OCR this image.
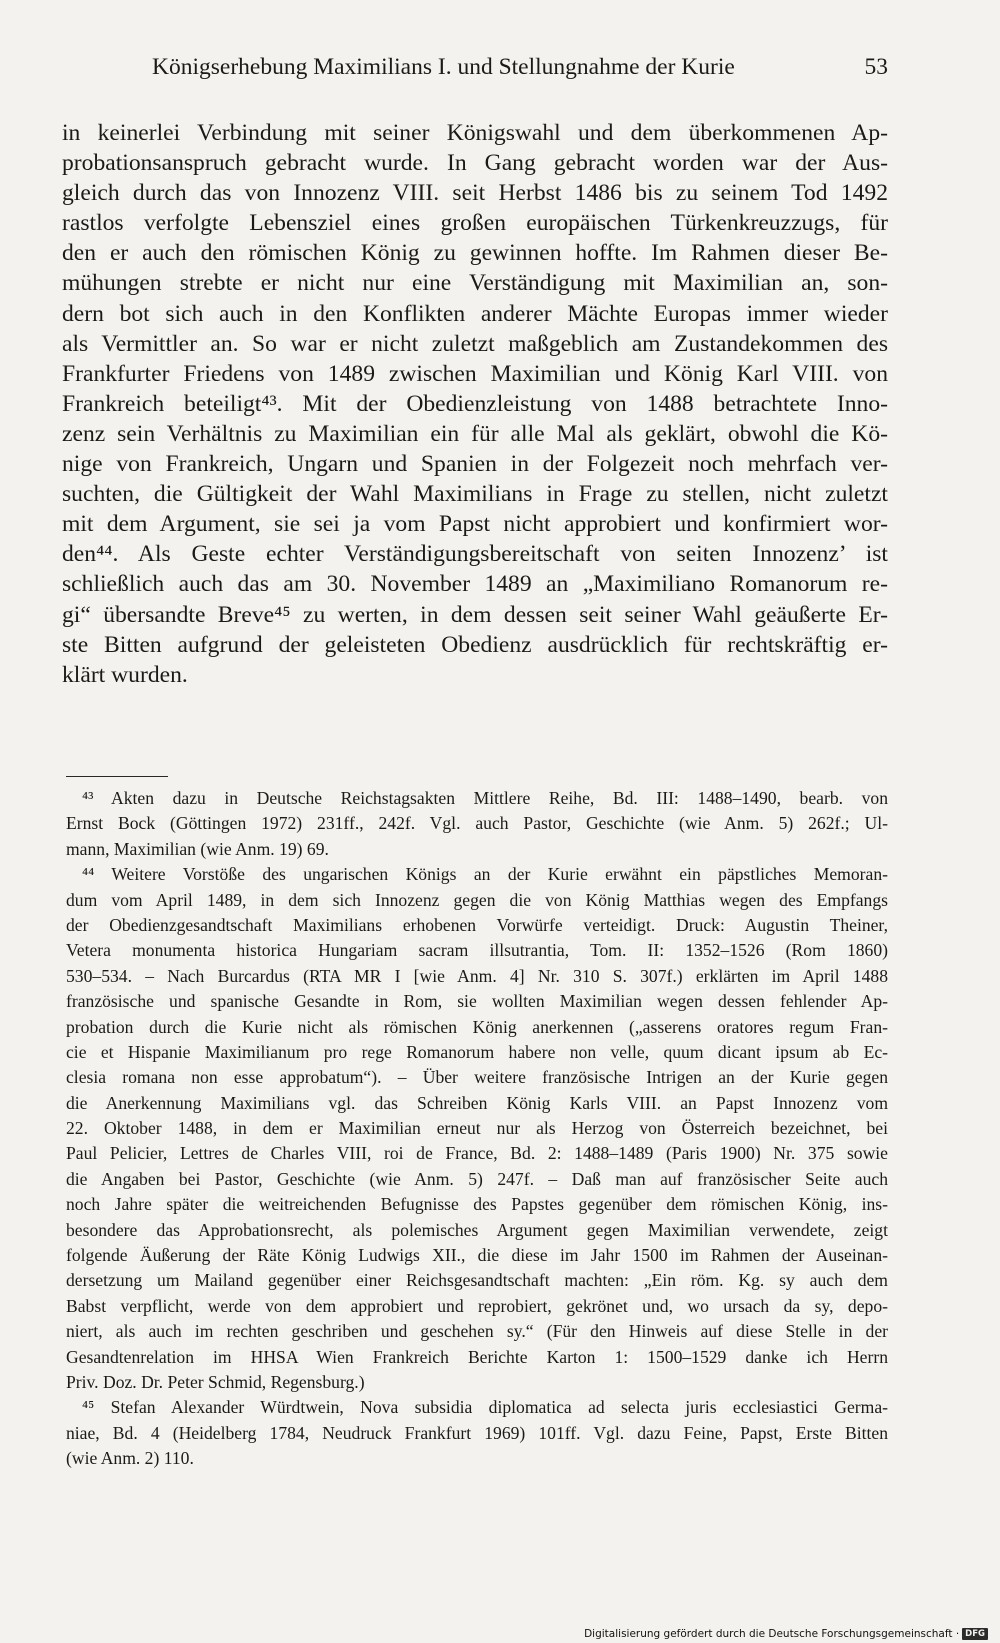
Königserhebung Maximilians I. und Stellungnahme der Kurie	53
in keinerlei Verbindung mit seiner Königswahl und dem überkommenen Ap-
probationsanspruch gebracht wurde. In Gang gebracht worden war der Aus-
gleich durch das von Innozenz VIII. seit Herbst 1486 bis zu seinem Tod 1492
rastlos verfolgte Lebensziel eines großen europäischen Türkenkreuzzugs, für
den er auch den römischen König zu gewinnen hoffte. Im Rahmen dieser Be-
mühungen strebte er nicht nur eine Verständigung mit Maximilian an, son-
dern bot sich auch in den Konflikten anderer Mächte Europas immer wieder
als Vermittler an. So war er nicht zuletzt maßgeblich am Zustandekommen des
Frankfurter Friedens von 1489 zwischen Maximilian und König Karl VIII. von
Frankreich beteiligt⁴³. Mit der Obedienzleistung von 1488 betrachtete Inno-
zenz sein Verhältnis zu Maximilian ein für alle Mal als geklärt, obwohl die Kö-
nige von Frankreich, Ungarn und Spanien in der Folgezeit noch mehrfach ver-
suchten, die Gültigkeit der Wahl Maximilians in Frage zu stellen, nicht zuletzt
mit dem Argument, sie sei ja vom Papst nicht approbiert und konfirmiert wor-
den⁴⁴. Als Geste echter Verständigungsbereitschaft von seiten Innozenz’ ist
schließlich auch das am 30. November 1489 an „Maximiliano Romanorum re-
gi“ übersandte Breve⁴⁵ zu werten, in dem dessen seit seiner Wahl geäußerte Er-
ste Bitten aufgrund der geleisteten Obedienz ausdrücklich für rechtskräftig er-
klärt wurden.
⁴³ Akten dazu in Deutsche Reichstagsakten Mittlere Reihe, Bd. III: 1488–1490, bearb. von
Ernst Bock (Göttingen 1972) 231ff., 242f. Vgl. auch Pastor, Geschichte (wie Anm. 5) 262f.; Ul-
mann, Maximilian (wie Anm. 19) 69.
⁴⁴ Weitere Vorstöße des ungarischen Königs an der Kurie erwähnt ein päpstliches Memoran-
dum vom April 1489, in dem sich Innozenz gegen die von König Matthias wegen des Empfangs
der Obedienzgesandtschaft Maximilians erhobenen Vorwürfe verteidigt. Druck: Augustin Theiner,
Vetera monumenta historica Hungariam sacram illsutrantia, Tom. II: 1352–1526 (Rom 1860)
530–534. – Nach Burcardus (RTA MR I [wie Anm. 4] Nr. 310 S. 307f.) erklärten im April 1488
französische und spanische Gesandte in Rom, sie wollten Maximilian wegen dessen fehlender Ap-
probation durch die Kurie nicht als römischen König anerkennen („asserens oratores regum Fran-
cie et Hispanie Maximilianum pro rege Romanorum habere non velle, quum dicant ipsum ab Ec-
clesia romana non esse approbatum“). – Über weitere französische Intrigen an der Kurie gegen
die Anerkennung Maximilians vgl. das Schreiben König Karls VIII. an Papst Innozenz vom
22. Oktober 1488, in dem er Maximilian erneut nur als Herzog von Österreich bezeichnet, bei
Paul Pelicier, Lettres de Charles VIII, roi de France, Bd. 2: 1488–1489 (Paris 1900) Nr. 375 sowie
die Angaben bei Pastor, Geschichte (wie Anm. 5) 247f. – Daß man auf französischer Seite auch
noch Jahre später die weitreichenden Befugnisse des Papstes gegenüber dem römischen König, ins-
besondere das Approbationsrecht, als polemisches Argument gegen Maximilian verwendete, zeigt
folgende Äußerung der Räte König Ludwigs XII., die diese im Jahr 1500 im Rahmen der Auseinan-
dersetzung um Mailand gegenüber einer Reichsgesandtschaft machten: „Ein röm. Kg. sy auch dem
Babst verpflicht, werde von dem approbiert und reprobiert, gekrönet und, wo ursach da sy, depo-
niert, als auch im rechten geschriben und geschehen sy.“ (Für den Hinweis auf diese Stelle in der
Gesandtenrelation im HHSA Wien Frankreich Berichte Karton 1: 1500–1529 danke ich Herrn
Priv. Doz. Dr. Peter Schmid, Regensburg.)
⁴⁵ Stefan Alexander Würdtwein, Nova subsidia diplomatica ad selecta juris ecclesiastici Germa-
niae, Bd. 4 (Heidelberg 1784, Neudruck Frankfurt 1969) 101ff. Vgl. dazu Feine, Papst, Erste Bitten
(wie Anm. 2) 110.
Digitalisierung gefördert durch die Deutsche Forschungsgemeinschaft · DFG
